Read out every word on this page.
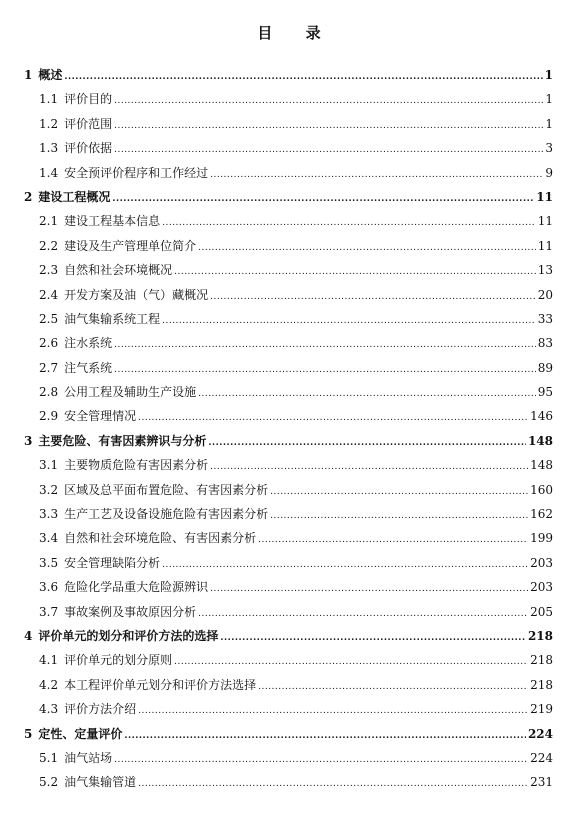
目 录
1 概述 .....	1
1.1 评价目的 .....	1
1.2 评价范围 .....	1
1.3 评价依据 .....	3
1.4 安全预评价程序和工作经过 .....	9
2 建设工程概况 .....	11
2.1 建设工程基本信息 .....	11
2.2 建设及生产管理单位简介 .....	11
2.3 自然和社会环境概况 .....	13
2.4 开发方案及油（气）藏概况 .....	20
2.5 油气集输系统工程 .....	33
2.6 注水系统 .....	83
2.7 注气系统 .....	89
2.8 公用工程及辅助生产设施 .....	95
2.9 安全管理情况 .....	146
3 主要危险、有害因素辨识与分析 .....	148
3.1 主要物质危险有害因素分析 .....	148
3.2 区域及总平面布置危险、有害因素分析 .....	160
3.3 生产工艺及设备设施危险有害因素分析 .....	162
3.4 自然和社会环境危险、有害因素分析 .....	199
3.5 安全管理缺陷分析 .....	203
3.6 危险化学品重大危险源辨识 .....	203
3.7 事故案例及事故原因分析 .....	205
4 评价单元的划分和评价方法的选择 .....	218
4.1 评价单元的划分原则 .....	218
4.2 本工程评价单元划分和评价方法选择 .....	218
4.3 评价方法介绍 .....	219
5 定性、定量评价 .....	224
5.1 油气站场 .....	224
5.2 油气集输管道 .....	231
